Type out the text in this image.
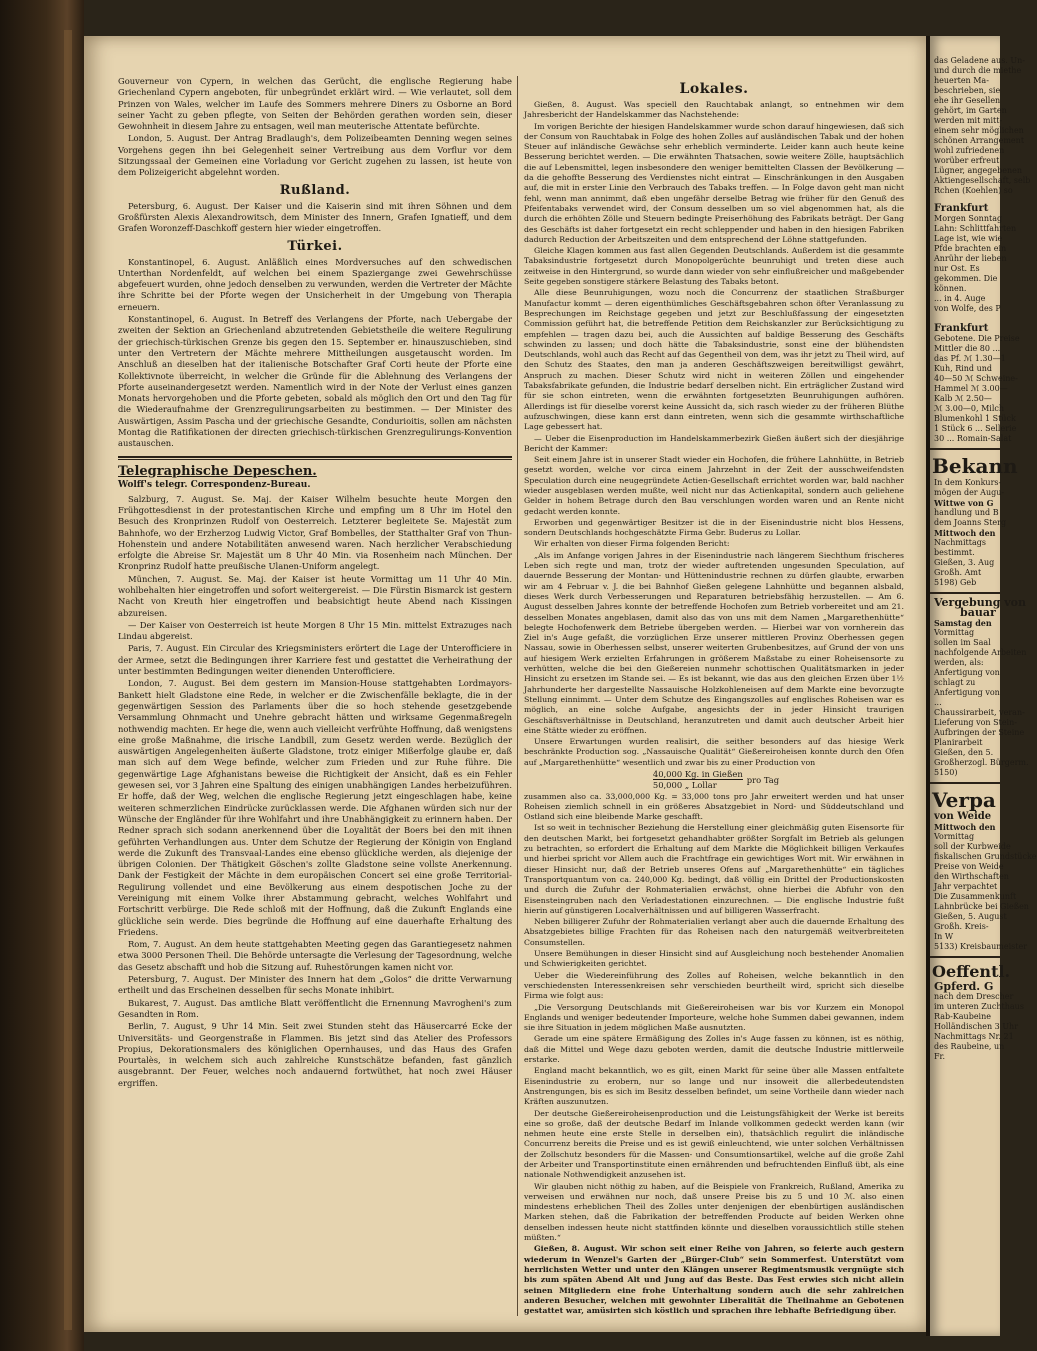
Gouverneur von Cypern, in welchen das Gerücht, die englische Regierung habe Griechenland Cypern angeboten, für unbegründet erklärt wird. — Wie verlautet, soll dem Prinzen von Wales, welcher im Laufe des Sommers mehrere Diners zu Osborne an Bord seiner Yacht zu geben pflegte, von Seiten der Behörden gerathen worden sein, dieser Gewohnheit in diesem Jahre zu entsagen, weil man meuterische Attentate befürchte.

London, 5. August. Der Antrag Bradlaugh's, dem Polizeibeamten Denning wegen seines Vorgehens gegen ihn bei Gelegenheit seiner Vertreibung aus dem Vorflur vor dem Sitzungssaal der Gemeinen eine Vorladung vor Gericht zugehen zu lassen, ist heute von dem Polizeigericht abgelehnt worden.

Rußland.

Petersburg, 6. August. Der Kaiser und die Kaiserin sind mit ihren Söhnen und dem Großfürsten Alexis Alexandrowitsch, dem Minister des Innern, Grafen Ignatieff, und dem Grafen Woronzeff-Daschkoff gestern hier wieder eingetroffen.

Türkei.

Konstantinopel, 6. August. Anläßlich eines Mordversuches auf den schwedischen Unterthan Nordenfeldt, auf welchen bei einem Spaziergange zwei Gewehrschüsse abgefeuert wurden, ohne jedoch denselben zu verwunden, werden die Vertreter der Mächte ihre Schritte bei der Pforte wegen der Unsicherheit in der Umgebung von Therapia erneuern.

Konstantinopel, 6. August. In Betreff des Verlangens der Pforte, nach Uebergabe der zweiten der Sektion an Griechenland abzutretenden Gebietstheile die weitere Regulirung der griechisch-türkischen Grenze bis gegen den 15. September er. hinauszuschieben, sind unter den Vertretern der Mächte mehrere Mittheilungen ausgetauscht worden. Im Anschluß an dieselben hat der italienische Botschafter Graf Corti heute der Pforte eine Kollektivnote überreicht, in welcher die Gründe für die Ablehnung des Verlangens der Pforte auseinandergesetzt werden. Namentlich wird in der Note der Verlust eines ganzen Monats hervorgehoben und die Pforte gebeten, sobald als möglich den Ort und den Tag für die Wiederaufnahme der Grenzregulirungsarbeiten zu bestimmen. — Der Minister des Auswärtigen, Assim Pascha und der griechische Gesandte, Condurioitis, sollen am nächsten Montag die Ratifikationen der directen griechisch-türkischen Grenzregulirungs-Konvention austauschen.

Telegraphische Depeschen.
Wolff's telegr. Correspondenz-Bureau.

Salzburg, 7. August. Se. Maj. der Kaiser Wilhelm besuchte heute Morgen den Frühgottesdienst in der protestantischen Kirche und empfing um 8 Uhr im Hotel den Besuch des Kronprinzen Rudolf von Oesterreich. Letzterer begleitete Se. Majestät zum Bahnhofe, wo der Erzherzog Ludwig Victor, Graf Bombelles, der Statthalter Graf von Thun-Hohenstein und andere Notabilitäten anwesend waren. Nach herzlicher Verabschiedung erfolgte die Abreise Sr. Majestät um 8 Uhr 40 Min. via Rosenheim nach München. Der Kronprinz Rudolf hatte preußische Ulanen-Uniform angelegt.

München, 7. August. Se. Maj. der Kaiser ist heute Vormittag um 11 Uhr 40 Min. wohlbehalten hier eingetroffen und sofort weitergereist. — Die Fürstin Bismarck ist gestern Nacht von Kreuth hier eingetroffen und beabsichtigt heute Abend nach Kissingen abzureisen.

— Der Kaiser von Oesterreich ist heute Morgen 8 Uhr 15 Min. mittelst Extrazuges nach Lindau abgereist.

Paris, 7. August. Ein Circular des Kriegsministers erörtert die Lage der Unterofficiere in der Armee, setzt die Bedingungen ihrer Karriere fest und gestattet die Verheirathung der unter bestimmten Bedingungen weiter dienenden Unterofficiere.

London, 7. August. Bei dem gestern im Mansion-House stattgehabten Lordmayors-Bankett hielt Gladstone eine Rede, in welcher er die Zwischenfälle beklagte, die in der gegenwärtigen Session des Parlaments über die so hoch stehende gesetzgebende Versammlung Ohnmacht und Unehre gebracht hätten und wirksame Gegenmaßregeln nothwendig machten. Er hege die, wenn auch vielleicht verfrühte Hoffnung, daß wenigstens eine große Maßnahme, die irische Landbill, zum Gesetz werden werde. Bezüglich der auswärtigen Angelegenheiten äußerte Gladstone, trotz einiger Mißerfolge glaube er, daß man sich auf dem Wege befinde, welcher zum Frieden und zur Ruhe führe. Die gegenwärtige Lage Afghanistans beweise die Richtigkeit der Ansicht, daß es ein Fehler gewesen sei, vor 3 Jahren eine Spaltung des einigen unabhängigen Landes herbeizuführen. Er hoffe, daß der Weg, welchen die englische Regierung jetzt eingeschlagen habe, keine weiteren schmerzlichen Eindrücke zurücklassen werde. Die Afghanen würden sich nur der Wünsche der Engländer für ihre Wohlfahrt und ihre Unabhängigkeit zu erinnern haben. Der Redner sprach sich sodann anerkennend über die Loyalität der Boers bei den mit ihnen geführten Verhandlungen aus. Unter dem Schutze der Regierung der Königin von England werde die Zukunft des Transvaal-Landes eine ebenso glückliche werden, als diejenige der übrigen Colonien. Der Thätigkeit Göschen's zollte Gladstone seine vollste Anerkennung. Dank der Festigkeit der Mächte in dem europäischen Concert sei eine große Territorial-Regulirung vollendet und eine Bevölkerung aus einem despotischen Joche zu der Vereinigung mit einem Volke ihrer Abstammung gebracht, welches Wohlfahrt und Fortschritt verbürge. Die Rede schloß mit der Hoffnung, daß die Zukunft Englands eine glückliche sein werde. Dies begründe die Hoffnung auf eine dauerhafte Erhaltung des Friedens.

Rom, 7. August. An dem heute stattgehabten Meeting gegen das Garantiegesetz nahmen etwa 3000 Personen Theil. Die Behörde untersagte die Verlesung der Tagesordnung, welche das Gesetz abschafft und hob die Sitzung auf. Ruhestörungen kamen nicht vor.

Petersburg, 7. August. Der Minister des Innern hat dem „Golos“ die dritte Verwarnung ertheilt und das Erscheinen desselben für sechs Monate inhibirt.

Bukarest, 7. August. Das amtliche Blatt veröffentlicht die Ernennung Mavrogheni's zum Gesandten in Rom.

Berlin, 7. August, 9 Uhr 14 Min. Seit zwei Stunden steht das Häusercarré Ecke der Universitäts- und Georgenstraße in Flammen. Bis jetzt sind das Atelier des Professors Propius, Dekorationsmalers des königlichen Opernhauses, und das Haus des Grafen Pourtalès, in welchem sich auch zahlreiche Kunstschätze befanden, fast gänzlich ausgebrannt. Der Feuer, welches noch andauernd fortwüthet, hat noch zwei Häuser ergriffen.

Lokales.

Gießen, 8. August. Was speciell den Rauchtabak anlangt, so entnehmen wir dem Jahresbericht der Handelskammer das Nachstehende:

Im vorigen Berichte der hiesigen Handelskammer wurde schon darauf hingewiesen, daß sich der Consum von Rauchtabak in Folge des hohen Zolles auf ausländischen Tabak und der hohen Steuer auf inländische Gewächse sehr erheblich verminderte. Leider kann auch heute keine Besserung berichtet werden. — Die erwähnten Thatsachen, sowie weitere Zölle, hauptsächlich die auf Lebensmittel, legen insbesondere den weniger bemittelten Classen der Bevölkerung — da die gehoffte Besserung des Verdienstes nicht eintrat — Einschränkungen in den Ausgaben auf, die mit in erster Linie den Verbrauch des Tabaks treffen. — In Folge davon geht man nicht fehl, wenn man annimmt, daß eben ungefähr derselbe Betrag wie früher für den Genuß des Pfeifentabaks verwendet wird, der Consum desselben um so viel abgenommen hat, als die durch die erhöhten Zölle und Steuern bedingte Preiserhöhung des Fabrikats beträgt. Der Gang des Geschäfts ist daher fortgesetzt ein recht schleppender und haben in den hiesigen Fabriken dadurch Reduction der Arbeitszeiten und dem entsprechend der Löhne stattgefunden.

Gleiche Klagen kommen aus fast allen Gegenden Deutschlands. Außerdem ist die gesammte Tabaksindustrie fortgesetzt durch Monopolgerüchte beunruhigt und treten diese auch zeitweise in den Hintergrund, so wurde dann wieder von sehr einflußreicher und maßgebender Seite gegeben sonstigere stärkere Belastung des Tabaks betont.

Alle diese Beunruhigungen, wozu noch die Concurrenz der staatlichen Straßburger Manufactur kommt — deren eigenthümliches Geschäftsgebahren schon öfter Veranlassung zu Besprechungen im Reichstage gegeben und jetzt zur Beschlußfassung der eingesetzten Commission geführt hat, die betreffende Petition dem Reichskanzler zur Berücksichtigung zu empfehlen — tragen dazu bei, auch die Aussichten auf baldige Besserung des Geschäfts schwinden zu lassen; und doch hätte die Tabaksindustrie, sonst eine der blühendsten Deutschlands, wohl auch das Recht auf das Gegentheil von dem, was ihr jetzt zu Theil wird, auf den Schutz des Staates, den man ja anderen Geschäftszweigen bereitwilligst gewährt, Anspruch zu machen. Dieser Schutz wird nicht in weiteren Zöllen und eingehender Tabaksfabrikate gefunden, die Industrie bedarf derselben nicht. Ein erträglicher Zustand wird für sie schon eintreten, wenn die erwähnten fortgesetzten Beunruhigungen aufhören. Allerdings ist für dieselbe vorerst keine Aussicht da, sich rasch wieder zu der früheren Blüthe aufzuschwingen, diese kann erst dann eintreten, wenn sich die gesammte wirthschaftliche Lage gebessert hat.

— Ueber die Eisenproduction im Handelskammerbezirk Gießen äußert sich der diesjährige Bericht der Kammer:

Seit einem Jahre ist in unserer Stadt wieder ein Hochofen, die frühere Lahnhütte, in Betrieb gesetzt worden, welche vor circa einem Jahrzehnt in der Zeit der ausschweifendsten Speculation durch eine neugegründete Actien-Gesellschaft errichtet worden war, bald nachher wieder ausgeblasen werden mußte, weil nicht nur das Actienkapital, sondern auch geliehene Gelder in hohem Betrage durch den Bau verschlungen worden waren und an Rente nicht gedacht werden konnte.

Erworben und gegenwärtiger Besitzer ist die in der Eisenindustrie nicht blos Hessens, sondern Deutschlands hochgeschätzte Firma Gebr. Buderus zu Lollar.

Wir erhalten von dieser Firma folgenden Bericht:

„Als im Anfange vorigen Jahres in der Eisenindustrie nach längerem Siechthum frischeres Leben sich regte und man, trotz der wieder auftretenden ungesunden Speculation, auf dauernde Besserung der Montan- und Hüttenindustrie rechnen zu dürfen glaubte, erwarben wir am 4 Februar v. J. die bei Bahnhof Gießen gelegene Lahnhütte und begannen alsbald, dieses Werk durch Verbesserungen und Reparaturen betriebsfähig herzustellen. — Am 6. August desselben Jahres konnte der betreffende Hochofen zum Betrieb vorbereitet und am 21. desselben Monates angeblasen, damit also das von uns mit dem Namen „Margarethenhütte“ belegte Hochofenwerk dem Betriebe übergeben werden. — Hierbei war von vornherein das Ziel in's Auge gefaßt, die vorzüglichen Erze unserer mittleren Provinz Oberhessen gegen Nassau, sowie in Oberhessen selbst, unserer weiterten Grubenbesitzes, auf Grund der von uns auf hiesigem Werk erzielten Erfahrungen in größerem Maßstabe zu einer Roheisensorte zu verhütten, welche die bei den Gießereien nunmehr schottischen Qualitätsmarken in jeder Hinsicht zu ersetzen im Stande sei. — Es ist bekannt, wie das aus den gleichen Erzen über 1½ Jahrhunderte her dargestellte Nassauische Holzkohleneisen auf dem Markte eine bevorzugte Stellung einnimmt. — Unter dem Schutze des Eingangszolles auf englisches Roheisen war es möglich, an eine solche Aufgabe, angesichts der in jeder Hinsicht traurigen Geschäftsverhältnisse in Deutschland, heranzutreten und damit auch deutscher Arbeit hier eine Stätte wieder zu eröffnen.

Unsere Erwartungen wurden realisirt, die seither besonders auf das hiesige Werk beschränkte Production sog. „Nassauische Qualität“ Gießereiroheisen konnte durch den Ofen auf „Margarethenhütte“ wesentlich und zwar bis zu einer Production von

$\frac{\text{40,000 Kg. in Gießen}}{\text{50,000 „ Lollar}}$ pro Tag

zusammen also ca. 33,000,000 Kg. = 33,000 tons pro Jahr erweitert werden und hat unser Roheisen ziemlich schnell in ein größeres Absatzgebiet in Nord- und Süddeutschland und Ostland sich eine bleibende Marke geschafft.

Ist so weit in technischer Beziehung die Herstellung einer gleichmäßig guten Eisensorte für den deutschen Markt, bei fortgesetzt gehandhabter größter Sorgfalt im Betrieb als gelungen zu betrachten, so erfordert die Erhaltung auf dem Markte die Möglichkeit billigen Verkaufes und hierbei spricht vor Allem auch die Frachtfrage ein gewichtiges Wort mit. Wir erwähnen in dieser Hinsicht nur, daß der Betrieb unseres Ofens auf „Margarethenhütte“ ein tägliches Transportquantum von ca. 240,000 Kg. bedingt, daß völlig ein Drittel der Productionskosten und durch die Zufuhr der Rohmaterialien erwächst, ohne hierbei die Abfuhr von den Eisensteingruben nach den Verladestationen einzurechnen. — Die englische Industrie fußt hierin auf günstigeren Localverhältnissen und auf billigeren Wasserfracht.

Neben billigerer Zufuhr der Rohmaterialien verlangt aber auch die dauernde Erhaltung des Absatzgebietes billige Frachten für das Roheisen nach den naturgemäß weitverbreiteten Consumstellen.

Unsere Bemühungen in dieser Hinsicht sind auf Ausgleichung noch bestehender Anomalien und Schwierigkeiten gerichtet.

Ueber die Wiedereinführung des Zolles auf Roheisen, welche bekanntlich in den verschiedensten Interessenkreisen sehr verschieden beurtheilt wird, spricht sich dieselbe Firma wie folgt aus:

„Die Versorgung Deutschlands mit Gießereiroheisen war bis vor Kurzem ein Monopol Englands und weniger bedeutender Importeure, welche hohe Summen dabei gewannen, indem sie ihre Situation in jedem möglichen Maße ausnutzten.

Gerade um eine spätere Ermäßigung des Zolles in's Auge fassen zu können, ist es nöthig, daß die Mittel und Wege dazu geboten werden, damit die deutsche Industrie mittlerweile erstarke.

England macht bekanntlich, wo es gilt, einen Markt für seine über alle Massen entfaltete Eisenindustrie zu erobern, nur so lange und nur insoweit die allerbedeutendsten Anstrengungen, bis es sich im Besitz desselben befindet, um seine Vortheile dann wieder nach Kräften auszunutzen.

Der deutsche Gießereiroheisenproduction und die Leistungsfähigkeit der Werke ist bereits eine so große, daß der deutsche Bedarf im Inlande vollkommen gedeckt werden kann (wir nehmen heute eine erste Stelle in derselben ein), thatsächlich regulirt die inländische Concurrenz bereits die Preise und es ist gewiß einleuchtend, wie unter solchen Verhältnissen der Zollschutz besonders für die Massen- und Consumtionsartikel, welche auf die große Zahl der Arbeiter und Transportinstitute einen ernährenden und befruchtenden Einfluß übt, als eine nationale Nothwendigkeit anzusehen ist.

Wir glauben nicht nöthig zu haben, auf die Beispiele von Frankreich, Rußland, Amerika zu verweisen und erwähnen nur noch, daß unsere Preise bis zu 5 und 10 ℳ. also einen mindestens erheblichen Theil des Zolles unter denjenigen der ebenbürtigen ausländischen Marken stehen, daß die Fabrikation der betreffenden Producte auf beiden Werken ohne denselben indessen heute nicht stattfinden könnte und dieselben voraussichtlich stille stehen müßten.“

Gießen, 8. August. Wir schon seit einer Reihe von Jahren, so feierte auch gestern wiederum in Wenzel's Garten der „Bürger-Club“ sein Sommerfest. Unterstützt vom herrlichsten Wetter und unter den Klängen unserer Regimentsmusik vergnügte sich bis zum späten Abend Alt und Jung auf das Beste. Das Fest erwies sich nicht allein seinen Mitgliedern eine frohe Unterhaltung sondern auch die sehr zahlreichen anderen Besucher, welchen mit gewohnter Liberalität die Theilnahme an Gebotenen gestattet war, amüsirten sich köstlich und sprachen ihre lebhafte Befriedigung über.

das Geladene aus. Un-
und durch die miethe
heuerten Ma-
beschrieben, sie
ehe ihr Gesellen
gehört, im Garten
werden mit mitt-
einem sehr möglichen
schönen Arrangement
wohl zufriedenen
worüber erfreut
Lügner, angegebenen
Aktiengesellschaft, selb
Rchen (Koehlen) so
Frankfurt
Morgen Sonntag
Lahn: Schlittfahrten
Lage ist, wie wie
Pfde brachten ein
Anrühr der lieben
nur Ost. Es
gekommen. Die
können.
... in 4. Auge
von Wolfe, des P
Frankfurt
Gebotene. Die Preise
Mittler die 80 ...
das Pf. ℳ 1.30—1
Kuh, Rind und
40—50 ℳ Schweine-
Hammel ℳ 3.00—
Kalb ℳ 2.50—
ℳ 3.00—0, Milch
Blumenkohl 1 Stück
1 Stück 6 ... Sellerie
30 ... Romain-Salat
Bekann
In dem Konkurs-
mögen der Augu-
Wittwe von G
handlung und B
dem Joanns Sterg
Mittwoch den
Nachmittags
bestimmt.
Gießen, 3. Aug
Großh. Amt
5198) Geb
Vergebung von
bauar
Samstag den
Vormittag
sollen im Saal
nachfolgende Arbeiten
werden, als:
Anfertigung von
schlagt zu
Anfertigung von
...
Chaussirarbeit, veran-
Lieferung von Stein-
Aufbringen der Steine
Planirarbeit
Gießen, den 5.
Großherzogl. Bürgerm.
5150)
Verpa
von Weide
Mittwoch den
Vormittag
soll der Kurbweide
fiskalischen Grundstücke
Preise von Weide
den Wirthschaften
Jahr verpachtet
Die Zusammenkunft
Lahnbrücke bei Gießen
Gießen, 5. August
Großh. Kreis-
In W
5133) Kreisbaumeister
Oeffentl.
Gpferd. G
nach dem Drescher
im unteren Zuchthaus
Rab-Kaubeine
Holländischen 3 Uhr
Nachmittags Nr. 21
des Raubeine, un
Fr.
